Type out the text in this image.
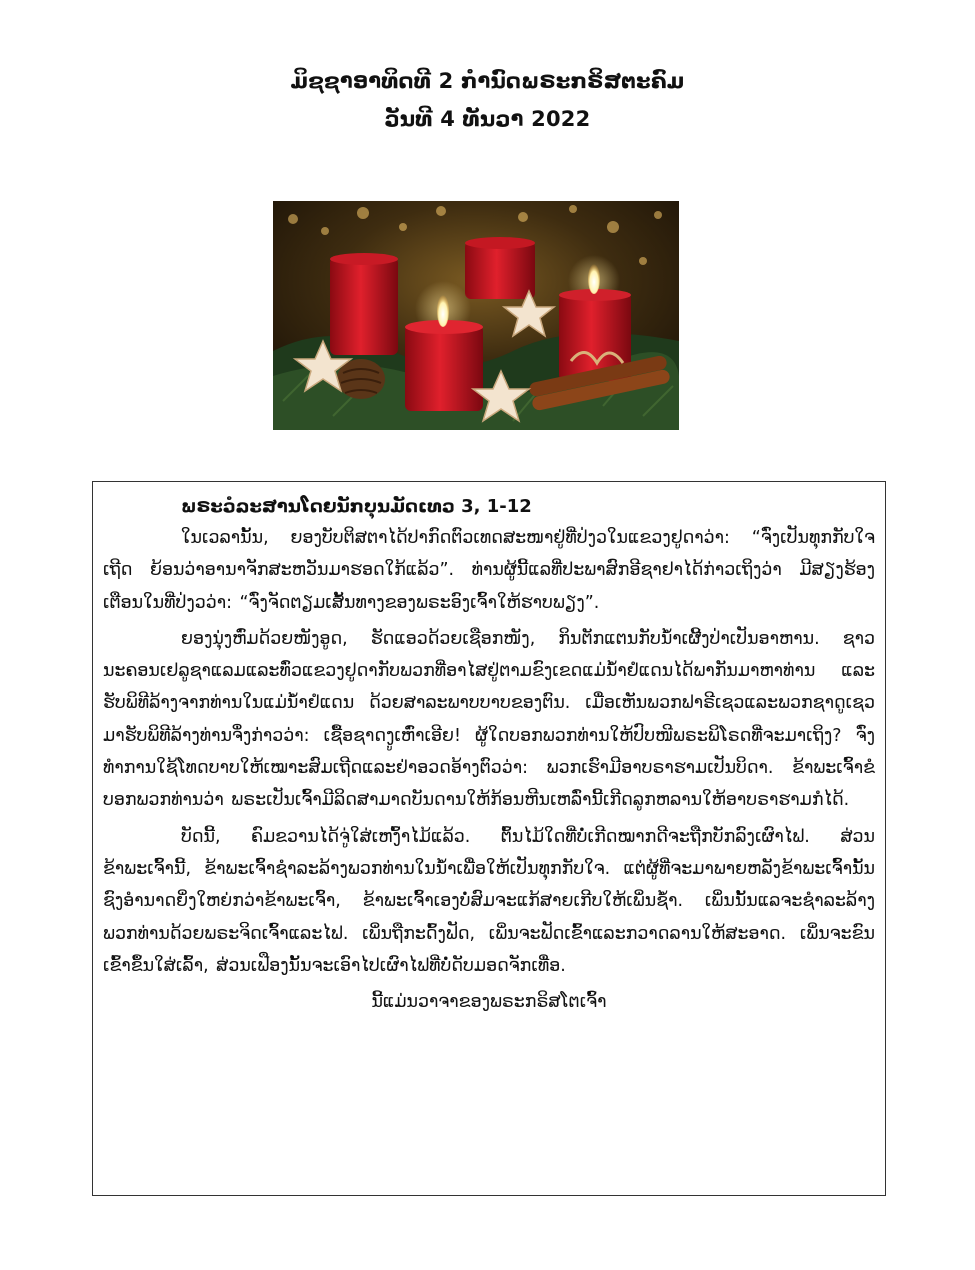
ມິຊຊາອາທິດທີ 2 ກຳນົດພຣະກຣິສຕະຄົມ
ວັນທີ 4 ທັນວາ 2022
ພຣະວໍລະສານໂດຍນັກບຸນມັດເທວ 3, 1-12

ໃນເວລານັ້ນ, ຍອງບັບຕິສຕາໄດ້ປາກົດຕົວເທດສະໜາຢູ່ທີ່ປ່ງວໃນແຂວງຢູດາວ່າ: “ຈົ່ງເປັນທຸກກັບໃຈເຖີດ ຍ້ອນວ່າອານາຈັກສະຫວັນມາຮອດໃກ້ແລ້ວ”. ທ່ານຜູ້ນີ້ແລທີ່ປະພາສົກອີຊາຢາໄດ້ກ່າວເຖິງວ່າ ມີສຽງຮ້ອງເຕືອນໃນທີ່ປ່ງວວ່າ: “ຈົ່ງຈັດຕຽມເສັ້ນທາງຂອງພຣະອົງເຈົ້າໃຫ້ຮາບພຽງ”.

ຍອງນຸ່ງຫົ່ມດ້ວຍໜັງອູດ, ຮັດແອວດ້ວຍເຊືອກໜັງ, ກິນຕັກແຕນກັບນໍ້າເຜີ້ງປ່າເປັນອາຫານ. ຊາວນະຄອນເຢລູຊາແລມແລະທົ່ວແຂວງຢູດາກັບພວກທີ່ອາໄສຢູ່ຕາມຂົງເຂດແມ່ນໍ້າຢໍແດນໄດ້ພາກັນມາຫາທ່ານ ແລະຮັບພິທີລ້າງຈາກທ່ານໃນແມ່ນໍ້າຢໍແດນ ດ້ວຍສາລະພາບບາບຂອງຕົນ. ເມື່ອເຫັນພວກຟາຣີເຊວແລະພວກຊາດູເຊວມາຮັບພິທີລ້າງທ່ານຈຶ່ງກ່າວວ່າ: ເຊື້ອຊາດງູເຫົ່າເອີຍ! ຜູ້ໃດບອກພວກທ່ານໃຫ້ປົບໜີພຣະພິໂຣດທີ່ຈະມາເຖິງ? ຈົ່ງທຳການໃຊ້ໂທດບາບໃຫ້ເໝາະສົມເຖີດແລະຢ່າອວດອ້າງຕົວວ່າ: ພວກເຮົາມີອາບຣາຮາມເປັນບິດາ. ຂ້າພະເຈົ້າຂໍບອກພວກທ່ານວ່າ ພຣະເປັນເຈົ້າມີລິດສາມາດບັນດານໃຫ້ກ້ອນຫີນເຫລົ່ານີ້ເກີດລູກຫລານໃຫ້ອາບຣາຮາມກໍໄດ້.

ບັດນີ້, ຄົມຂວານໄດ້ຈູ່ໃສ່ເຫງົ້າໄມ້ແລ້ວ. ຕົ້ນໄມ້ໃດທີ່ບໍ່ເກີດໝາກດີຈະຖືກບັກລົງເຜົາໄຟ. ສ່ວນຂ້າພະເຈົ້ານີ້, ຂ້າພະເຈົ້າຊຳລະລ້າງພວກທ່ານໃນນໍ້າເພື່ອໃຫ້ເປັນທຸກກັບໃຈ. ແຕ່ຜູ້ທີ່ຈະມາພາຍຫລັງຂ້າພະເຈົ້ານັ້ນ ຊົງອຳນາດຍິ່ງໃຫຍ່ກວ່າຂ້າພະເຈົ້າ, ຂ້າພະເຈົ້າເອງບໍ່ສົມຈະແກ້ສາຍເກີບໃຫ້ເພິ່ນຊໍ້າ. ເພິ່ນນັ້ນແລຈະຊຳລະລ້າງພວກທ່ານດ້ວຍພຣະຈິດເຈົ້າແລະໄຟ. ເພິ່ນຖືກະດົ້ງຟັດ, ເພິ່ນຈະຟັດເຂົ້າແລະກວາດລານໃຫ້ສະອາດ. ເພິ່ນຈະຂົນເຂົ້າຂຶ້ນໃສ່ເລົ້າ, ສ່ວນເຟືອງນັ້ນຈະເອົາໄປເຜົາໄຟທີ່ບໍ່ດັບມອດຈັກເທື່ອ.

ນີ້ແມ່ນວາຈາຂອງພຣະກຣິສໂຕເຈົ້າ
